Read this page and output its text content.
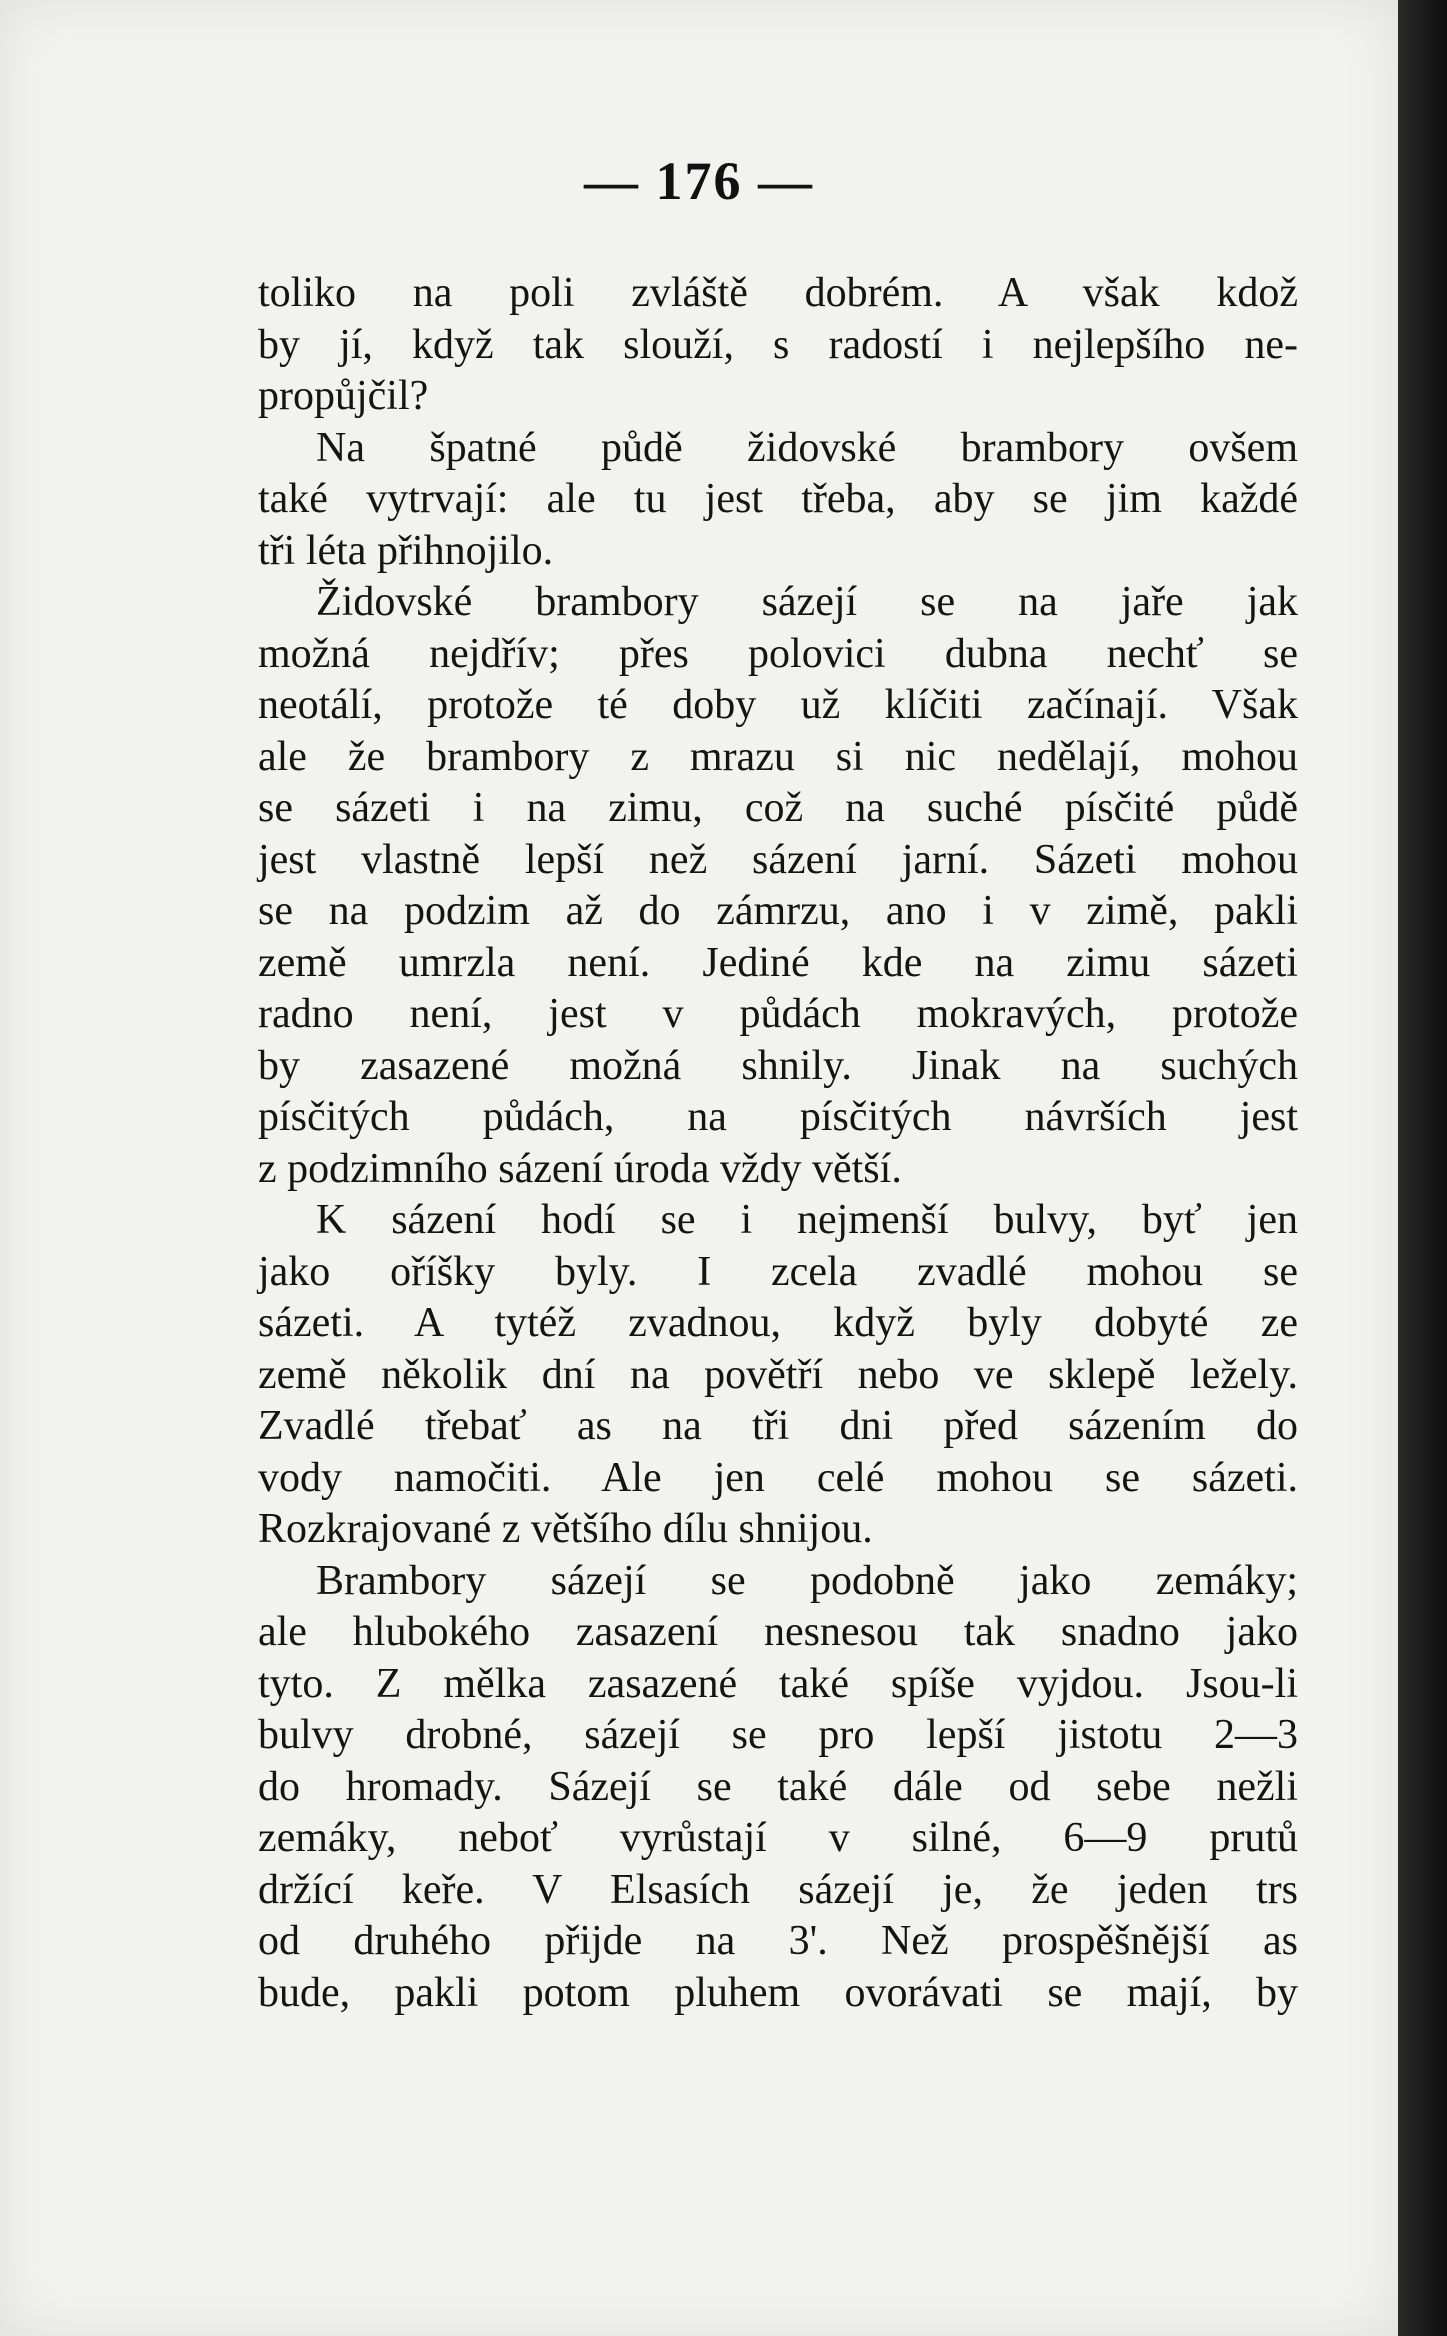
— 176 —
toliko na poli zvláště dobrém. A však kdož
by jí, když tak slouží, s radostí i nejlepšího ne-
propůjčil?
Na špatné půdě židovské brambory ovšem
také vytrvají: ale tu jest třeba, aby se jim každé
tři léta přihnojilo.
Židovské brambory sázejí se na jaře jak
možná nejdřív; přes polovici dubna nechť se
neotálí, protože té doby už klíčiti začínají. Však
ale že brambory z mrazu si nic nedělají, mohou
se sázeti i na zimu, což na suché písčité půdě
jest vlastně lepší než sázení jarní. Sázeti mohou
se na podzim až do zámrzu, ano i v zimě, pakli
země umrzla není. Jediné kde na zimu sázeti
radno není, jest v půdách mokravých, protože
by zasazené možná shnily. Jinak na suchých
písčitých půdách, na písčitých návrších jest
z podzimního sázení úroda vždy větší.
K sázení hodí se i nejmenší bulvy, byť jen
jako oříšky byly. I zcela zvadlé mohou se
sázeti. A tytéž zvadnou, když byly dobyté ze
země několik dní na povětří nebo ve sklepě ležely.
Zvadlé třebať as na tři dni před sázením do
vody namočiti. Ale jen celé mohou se sázeti.
Rozkrajované z většího dílu shnijou.
Brambory sázejí se podobně jako zemáky;
ale hlubokého zasazení nesnesou tak snadno jako
tyto. Z mělka zasazené také spíše vyjdou. Jsou-li
bulvy drobné, sázejí se pro lepší jistotu 2—3
do hromady. Sázejí se také dále od sebe nežli
zemáky, neboť vyrůstají v silné, 6—9 prutů
držící keře. V Elsasích sázejí je, že jeden trs
od druhého přijde na 3'. Než prospěšnější as
bude, pakli potom pluhem ovorávati se mají, by
